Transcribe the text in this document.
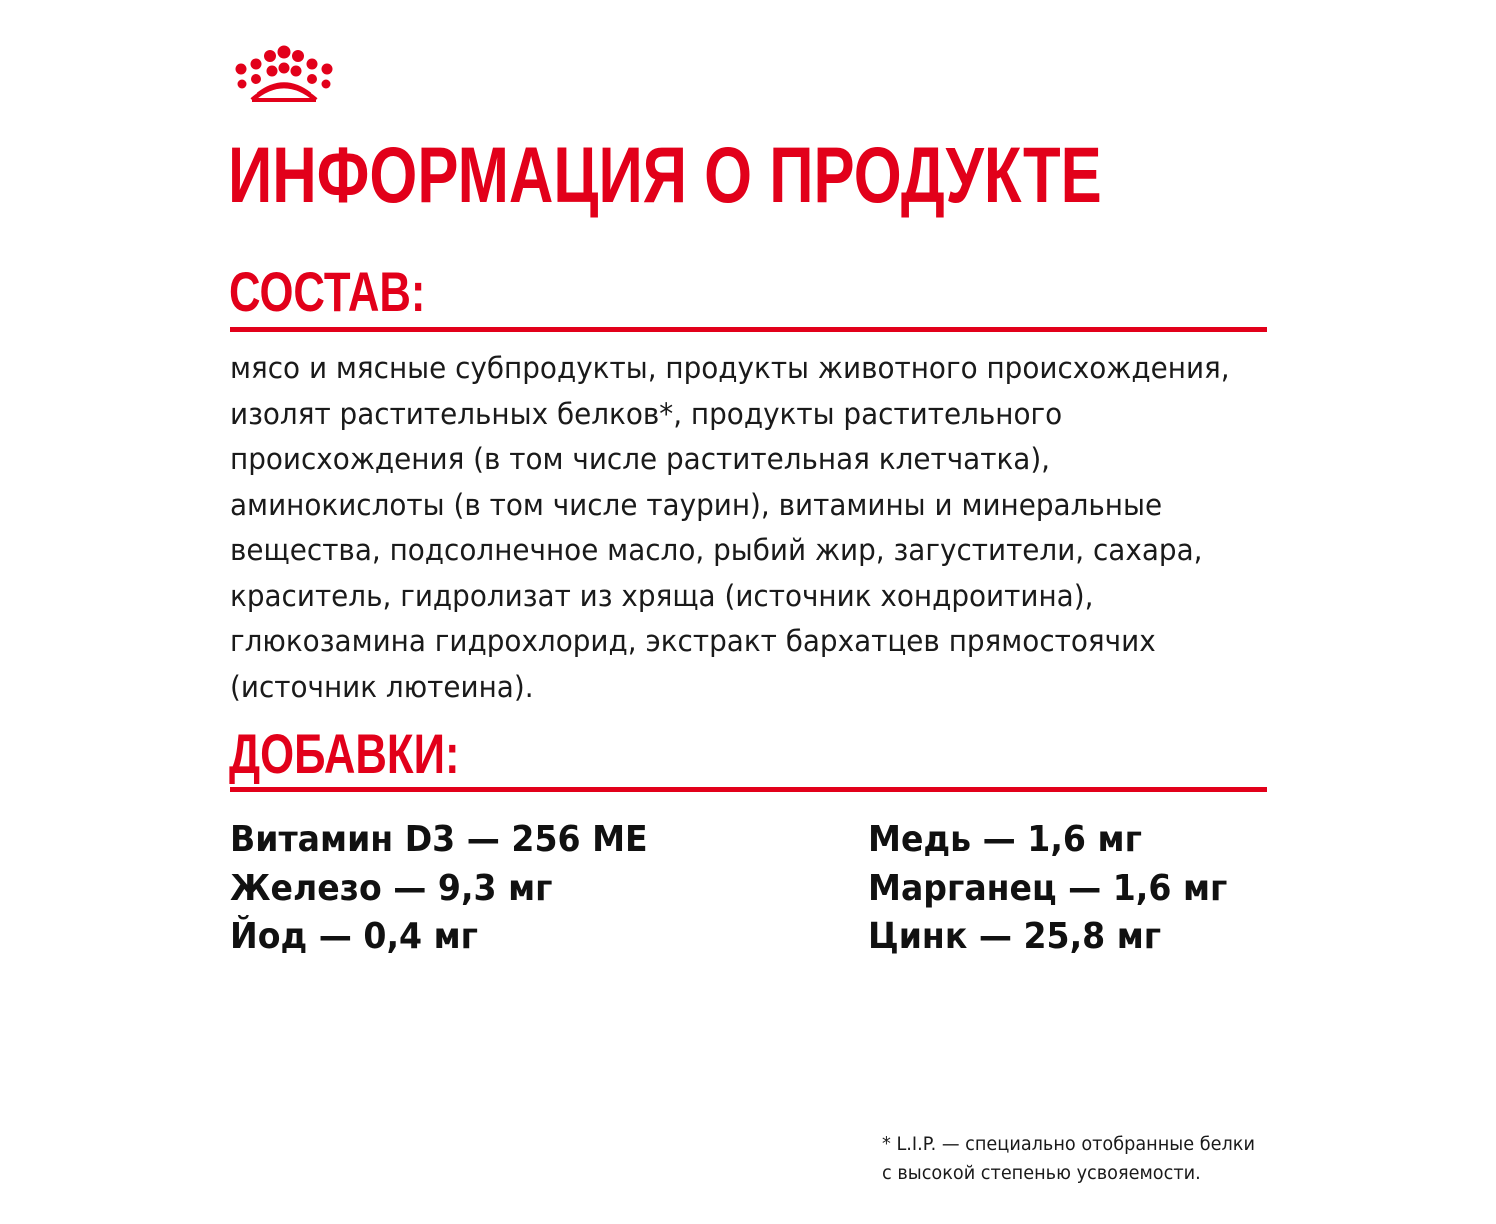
ИНФОРМАЦИЯ О ПРОДУКТЕ
СОСТАВ:

мясо и мясные субпродукты, продукты животного происхождения, изолят растительных белков*, продукты растительного происхождения (в том числе растительная клетчатка), аминокислоты (в том числе таурин), витамины и минеральные вещества, подсолнечное масло, рыбий жир, загустители, сахара, краситель, гидролизат из хряща (источник хондроитина), глюкозамина гидрохлорид, экстракт бархатцев прямостоячих (источник лютеина).

ДОБАВКИ:
Витамин D3 — 256 МЕ
Железо — 9,3 мг
Йод — 0,4 мг
Медь — 1,6 мг
Марганец — 1,6 мг
Цинк — 25,8 мг
* L.I.P. — специально отобранные белки
с высокой степенью усвояемости.
